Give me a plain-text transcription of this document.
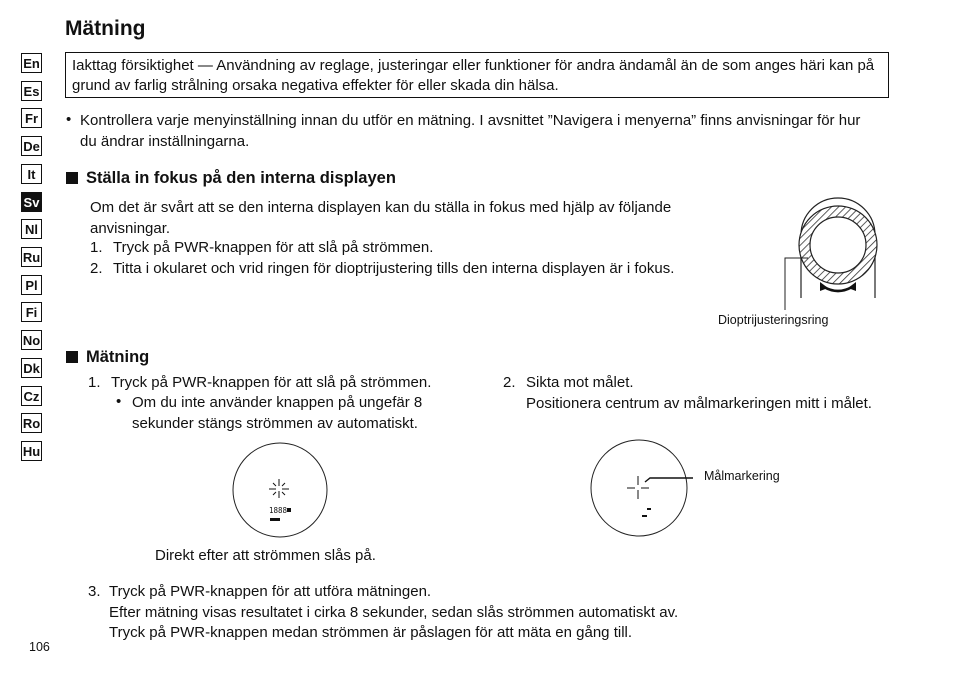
Mätning
En
Es
Fr
De
It
Sv
Nl
Ru
Pl
Fi
No
Dk
Cz
Ro
Hu
Iakttag försiktighet — Användning av reglage, justeringar eller funktioner för andra ändamål än de som anges häri kan på grund av farlig strålning orsaka negativa effekter för eller skada din hälsa.
• Kontrollera varje menyinställning innan du utför en mätning. I avsnittet ”Navigera i menyerna” finns anvisningar för hur du ändrar inställningarna.
Ställa in fokus på den interna displayen
Om det är svårt att se den interna displayen kan du ställa in fokus med hjälp av följande anvisningar.
1. Tryck på PWR-knappen för att slå på strömmen.
2. Titta i okularet och vrid ringen för dioptrijustering tills den interna displayen är i fokus.
Dioptrijusteringsring
Mätning
1. Tryck på PWR-knappen för att slå på strömmen.
• Om du inte använder knappen på ungefär 8 sekunder stängs strömmen av automatiskt.
2. Sikta mot målet.
Positionera centrum av målmarkeringen mitt i målet.
1888
Direkt efter att strömmen slås på.
Målmarkering
3. Tryck på PWR-knappen för att utföra mätningen.
Efter mätning visas resultatet i cirka 8 sekunder, sedan slås strömmen automatiskt av.
Tryck på PWR-knappen medan strömmen är påslagen för att mäta en gång till.
106
